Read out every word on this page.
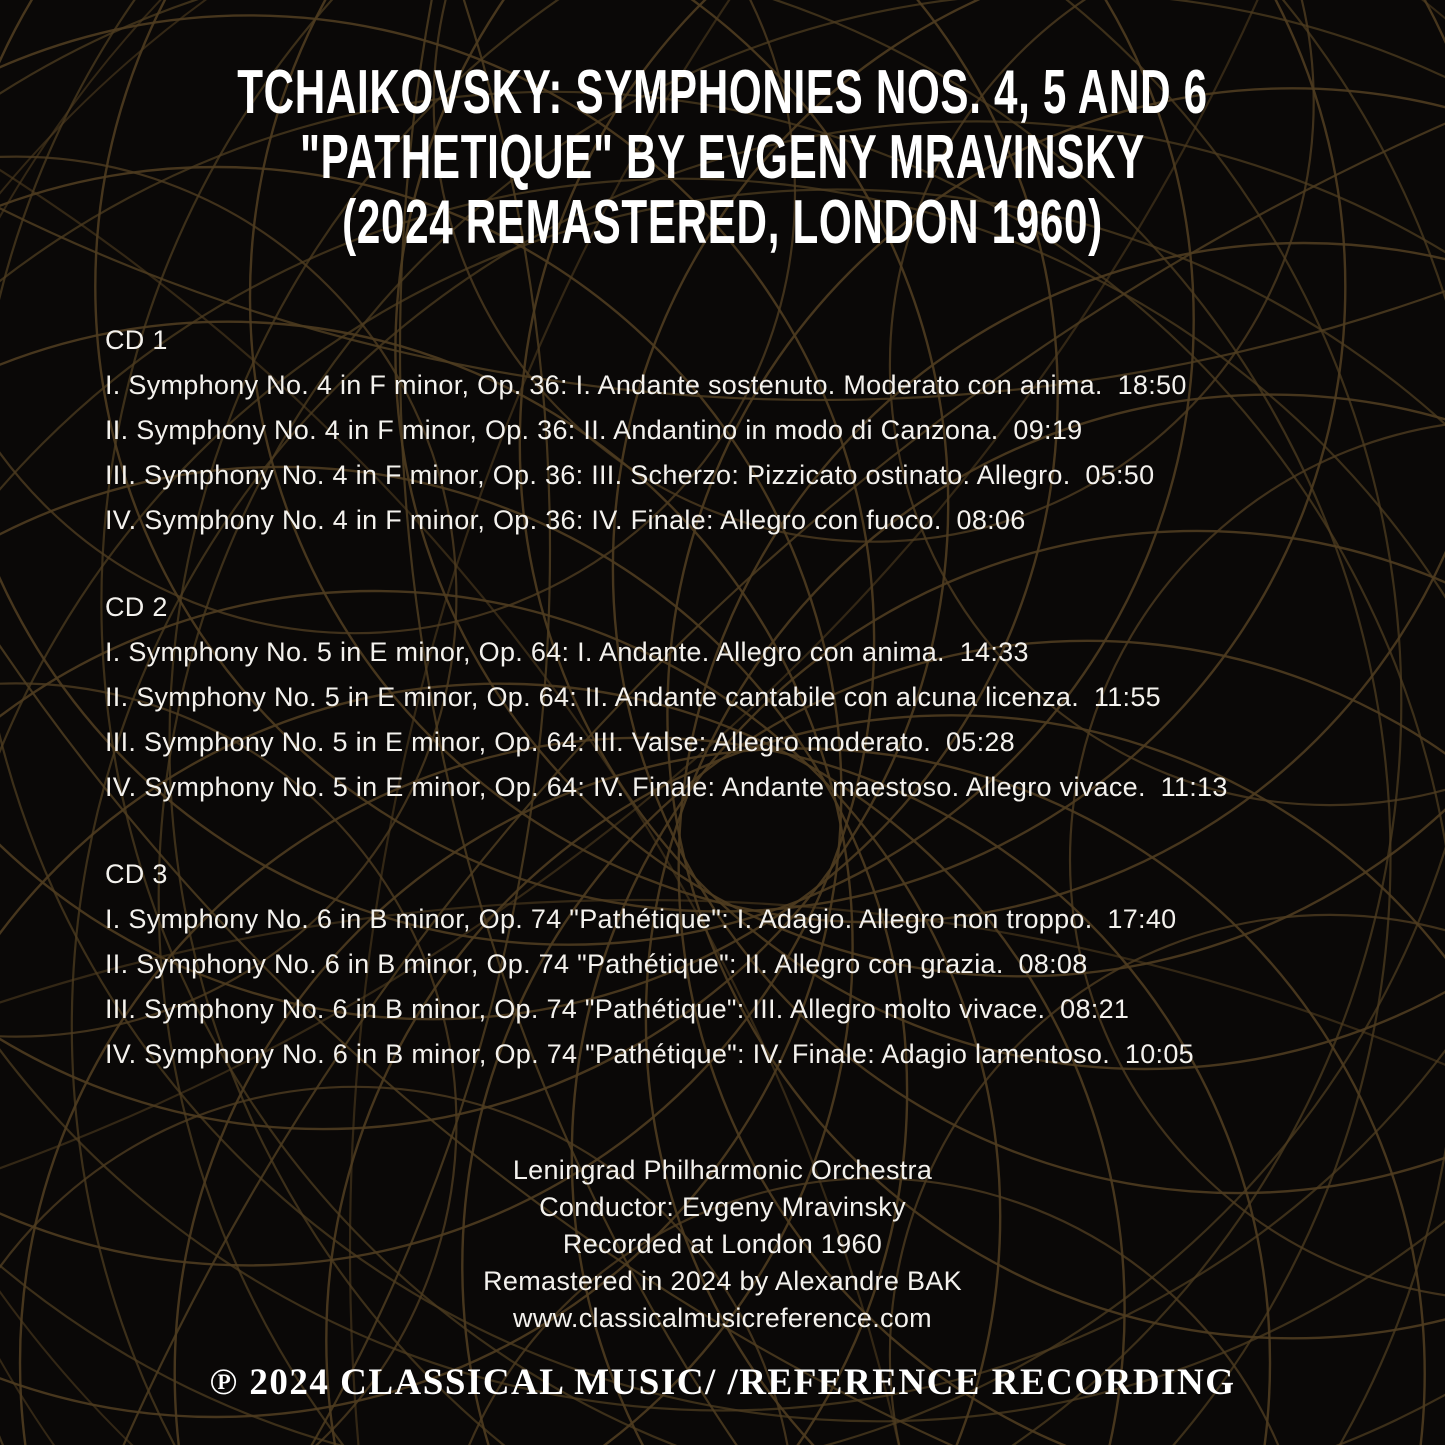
TCHAIKOVSKY: SYMPHONIES NOS. 4, 5 AND 6
"PATHETIQUE" BY EVGENY MRAVINSKY
(2024 REMASTERED, LONDON 1960)
CD 1
I. Symphony No. 4 in F minor, Op. 36: I. Andante sostenuto. Moderato con anima. 18:50
II. Symphony No. 4 in F minor, Op. 36: II. Andantino in modo di Canzona. 09:19
III. Symphony No. 4 in F minor, Op. 36: III. Scherzo: Pizzicato ostinato. Allegro. 05:50
IV. Symphony No. 4 in F minor, Op. 36: IV. Finale: Allegro con fuoco. 08:06
CD 2
I. Symphony No. 5 in E minor, Op. 64: I. Andante. Allegro con anima. 14:33
II. Symphony No. 5 in E minor, Op. 64: II. Andante cantabile con alcuna licenza. 11:55
III. Symphony No. 5 in E minor, Op. 64: III. Valse: Allegro moderato. 05:28
IV. Symphony No. 5 in E minor, Op. 64: IV. Finale: Andante maestoso. Allegro vivace. 11:13
CD 3
I. Symphony No. 6 in B minor, Op. 74 "Pathétique": I. Adagio. Allegro non troppo. 17:40
II. Symphony No. 6 in B minor, Op. 74 "Pathétique": II. Allegro con grazia. 08:08
III. Symphony No. 6 in B minor, Op. 74 "Pathétique": III. Allegro molto vivace. 08:21
IV. Symphony No. 6 in B minor, Op. 74 "Pathétique": IV. Finale: Adagio lamentoso. 10:05
Leningrad Philharmonic Orchestra
Conductor: Evgeny Mravinsky
Recorded at London 1960
Remastered in 2024 by Alexandre BAK
www.classicalmusicreference.com
℗ 2024 CLASSICAL MUSIC/ /REFERENCE RECORDING
